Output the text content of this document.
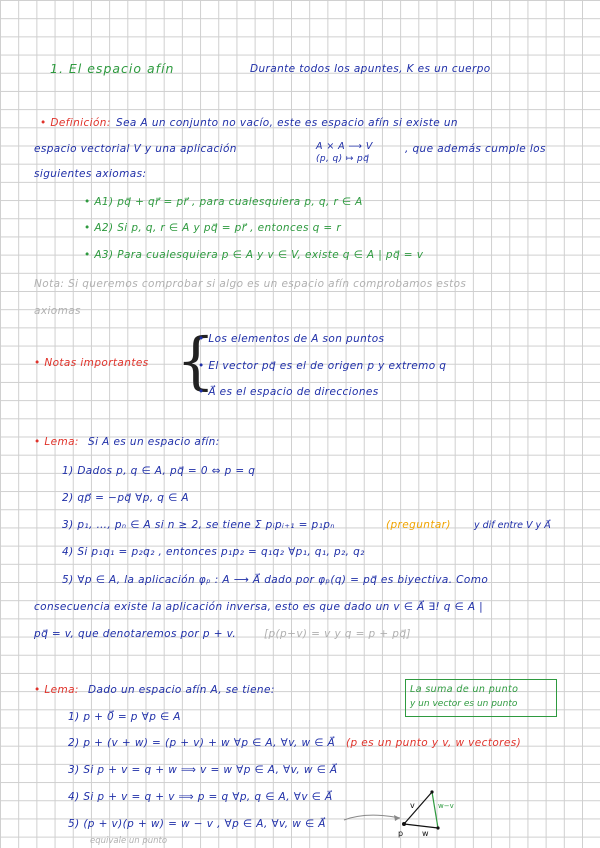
1. El espacio afín	Durante todos los apuntes, K es un cuerpo
• Definición: Sea A un conjunto no vacío, este es espacio afín si existe un
espacio vectorial V y una aplicación	A × A ⟶ V
(p, q) ↦ pq⃗
, que además cumple los
siguientes axiomas:
• A1) pq⃗ + qr⃗ = pr⃗ , para cualesquiera p, q, r ∈ A
• A2) Si p, q, r ∈ A y pq⃗ = pr⃗ , entonces q = r
• A3) Para cualesquiera p ∈ A y v ∈ V, existe q ∈ A | pq⃗ = v
Nota: Si queremos comprobar si algo es un espacio afín comprobamos estos
axiomas
• Notas importantes {
• Los elementos de A son puntos
• El vector pq⃗ es el de origen p y extremo q
• A⃗ es el espacio de direcciones
• Lema: Si A es un espacio afín:
1) Dados p, q ∈ A, pq⃗ = 0 ⇔ p = q
2) qp⃗ = −pq⃗ ∀p, q ∈ A
3) p₁, …, pₙ ∈ A si n ≥ 2, se tiene Σ pᵢpᵢ₊₁ = p₁pₙ	(preguntar) y dif entre V y A⃗
4) Si p₁q₁ = p₂q₂ , entonces p₁p₂ = q₁q₂ ∀p₁, q₁, p₂, q₂
5) ∀p ∈ A, la aplicación φₚ : A ⟶ A⃗ dado por φₚ(q) = pq⃗ es biyectiva. Como
consecuencia existe la aplicación inversa, esto es que dado un v ∈ A⃗ ∃! q ∈ A |
pq⃗ = v, que denotaremos por p + v.	[p(p+v) = v y q = p + pq⃗]
• Lema: Dado un espacio afín A, se tiene:	La suma de un punto
y un vector es un punto
1) p + 0⃗ = p ∀p ∈ A
2) p + (v + w) = (p + v) + w ∀p ∈ A, ∀v, w ∈ A⃗ (p es un punto y v, w vectores)
3) Si p + v = q + w ⟹ v = w ∀p ∈ A, ∀v, w ∈ A⃗
4) Si p + v = q + v ⟹ p = q ∀p, q ∈ A, ∀v ∈ A⃗
5) (p + v)(p + w) = w − v , ∀p ∈ A, ∀v, w ∈ A⃗
equivale un punto
v
w
w−v
p
